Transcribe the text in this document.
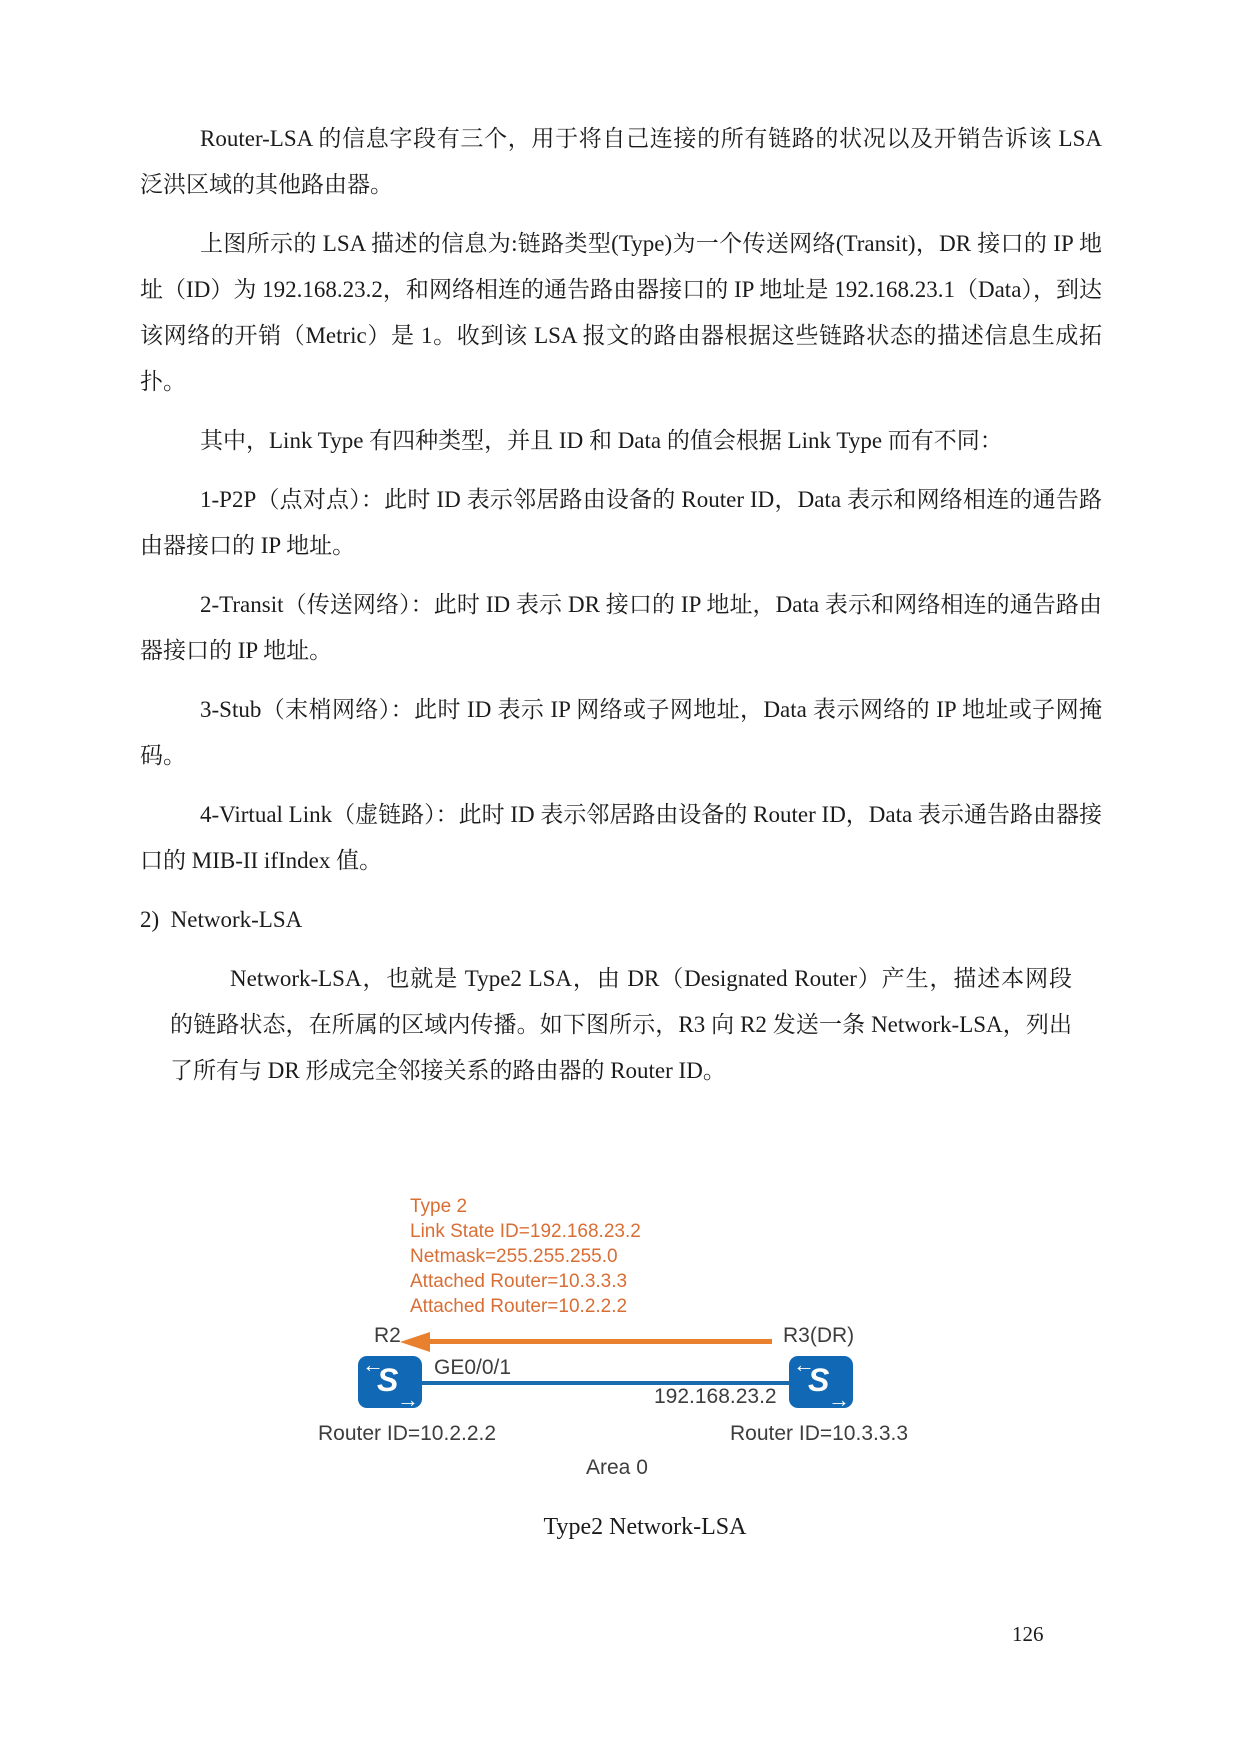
Router-LSA 的信息字段有三个，用于将自己连接的所有链路的状况以及开销告诉该 LSA 泛洪区域的其他路由器。

上图所示的 LSA 描述的信息为:链路类型(Type)为一个传送网络(Transit)，DR 接口的 IP 地址（ID）为 192.168.23.2，和网络相连的通告路由器接口的 IP 地址是 192.168.23.1（Data），到达该网络的开销（Metric）是 1。收到该 LSA 报文的路由器根据这些链路状态的描述信息生成拓扑。

其中，Link Type 有四种类型，并且 ID 和 Data 的值会根据 Link Type 而有不同：

1-P2P（点对点）：此时 ID 表示邻居路由设备的 Router ID，Data 表示和网络相连的通告路由器接口的 IP 地址。

2-Transit（传送网络）：此时 ID 表示 DR 接口的 IP 地址，Data 表示和网络相连的通告路由器接口的 IP 地址。

3-Stub（末梢网络）：此时 ID 表示 IP 网络或子网地址，Data 表示网络的 IP 地址或子网掩码。

4-Virtual Link（虚链路）：此时 ID 表示邻居路由设备的 Router ID，Data 表示通告路由器接口的 MIB-II ifIndex 值。

2)  Network-LSA

Network-LSA，也就是 Type2 LSA，由 DR（Designated Router）产生，描述本网段的链路状态，在所属的区域内传播。如下图所示，R3 向 R2 发送一条 Network-LSA，列出了所有与 DR 形成完全邻接关系的路由器的 Router ID。

Type 2
Link State ID=192.168.23.2
Netmask=255.255.255.0
Attached Router=10.3.3.3
Attached Router=10.2.2.2
R2	R3(DR)
←
S
→
←
S
→
GE0/0/1
192.168.23.2
Router ID=10.2.2.2	Router ID=10.3.3.3
Area 0
Type2 Network-LSA
126
